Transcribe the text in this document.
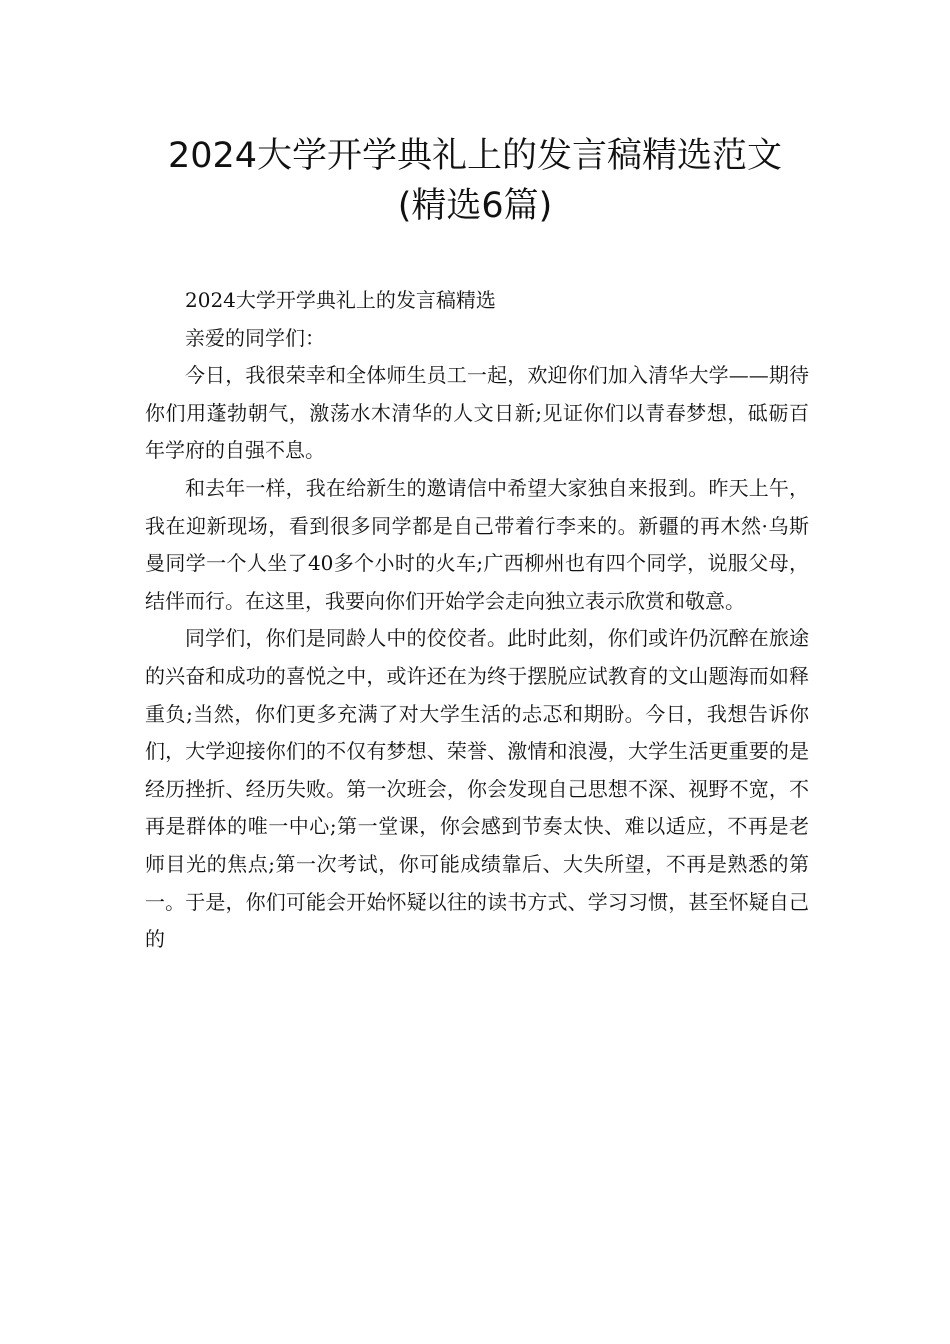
2024大学开学典礼上的发言稿精选范文
(精选6篇)

2024大学开学典礼上的发言稿精选

亲爱的同学们：

今日，我很荣幸和全体师生员工一起，欢迎你们加入清华大学——期待你们用蓬勃朝气，激荡水木清华的人文日新;见证你们以青春梦想，砥砺百年学府的自强不息。

和去年一样，我在给新生的邀请信中希望大家独自来报到。昨天上午，我在迎新现场，看到很多同学都是自己带着行李来的。新疆的再木然·乌斯曼同学一个人坐了40多个小时的火车;广西柳州也有四个同学，说服父母，结伴而行。在这里，我要向你们开始学会走向独立表示欣赏和敬意。

同学们，你们是同龄人中的佼佼者。此时此刻，你们或许仍沉醉在旅途的兴奋和成功的喜悦之中，或许还在为终于摆脱应试教育的文山题海而如释重负;当然，你们更多充满了对大学生活的忐忑和期盼。今日，我想告诉你们，大学迎接你们的不仅有梦想、荣誉、激情和浪漫，大学生活更重要的是经历挫折、经历失败。第一次班会，你会发现自己思想不深、视野不宽，不再是群体的唯一中心;第一堂课，你会感到节奏太快、难以适应，不再是老师目光的焦点;第一次考试，你可能成绩靠后、大失所望，不再是熟悉的第一。于是，你们可能会开始怀疑以往的读书方式、学习习惯，甚至怀疑自己的
